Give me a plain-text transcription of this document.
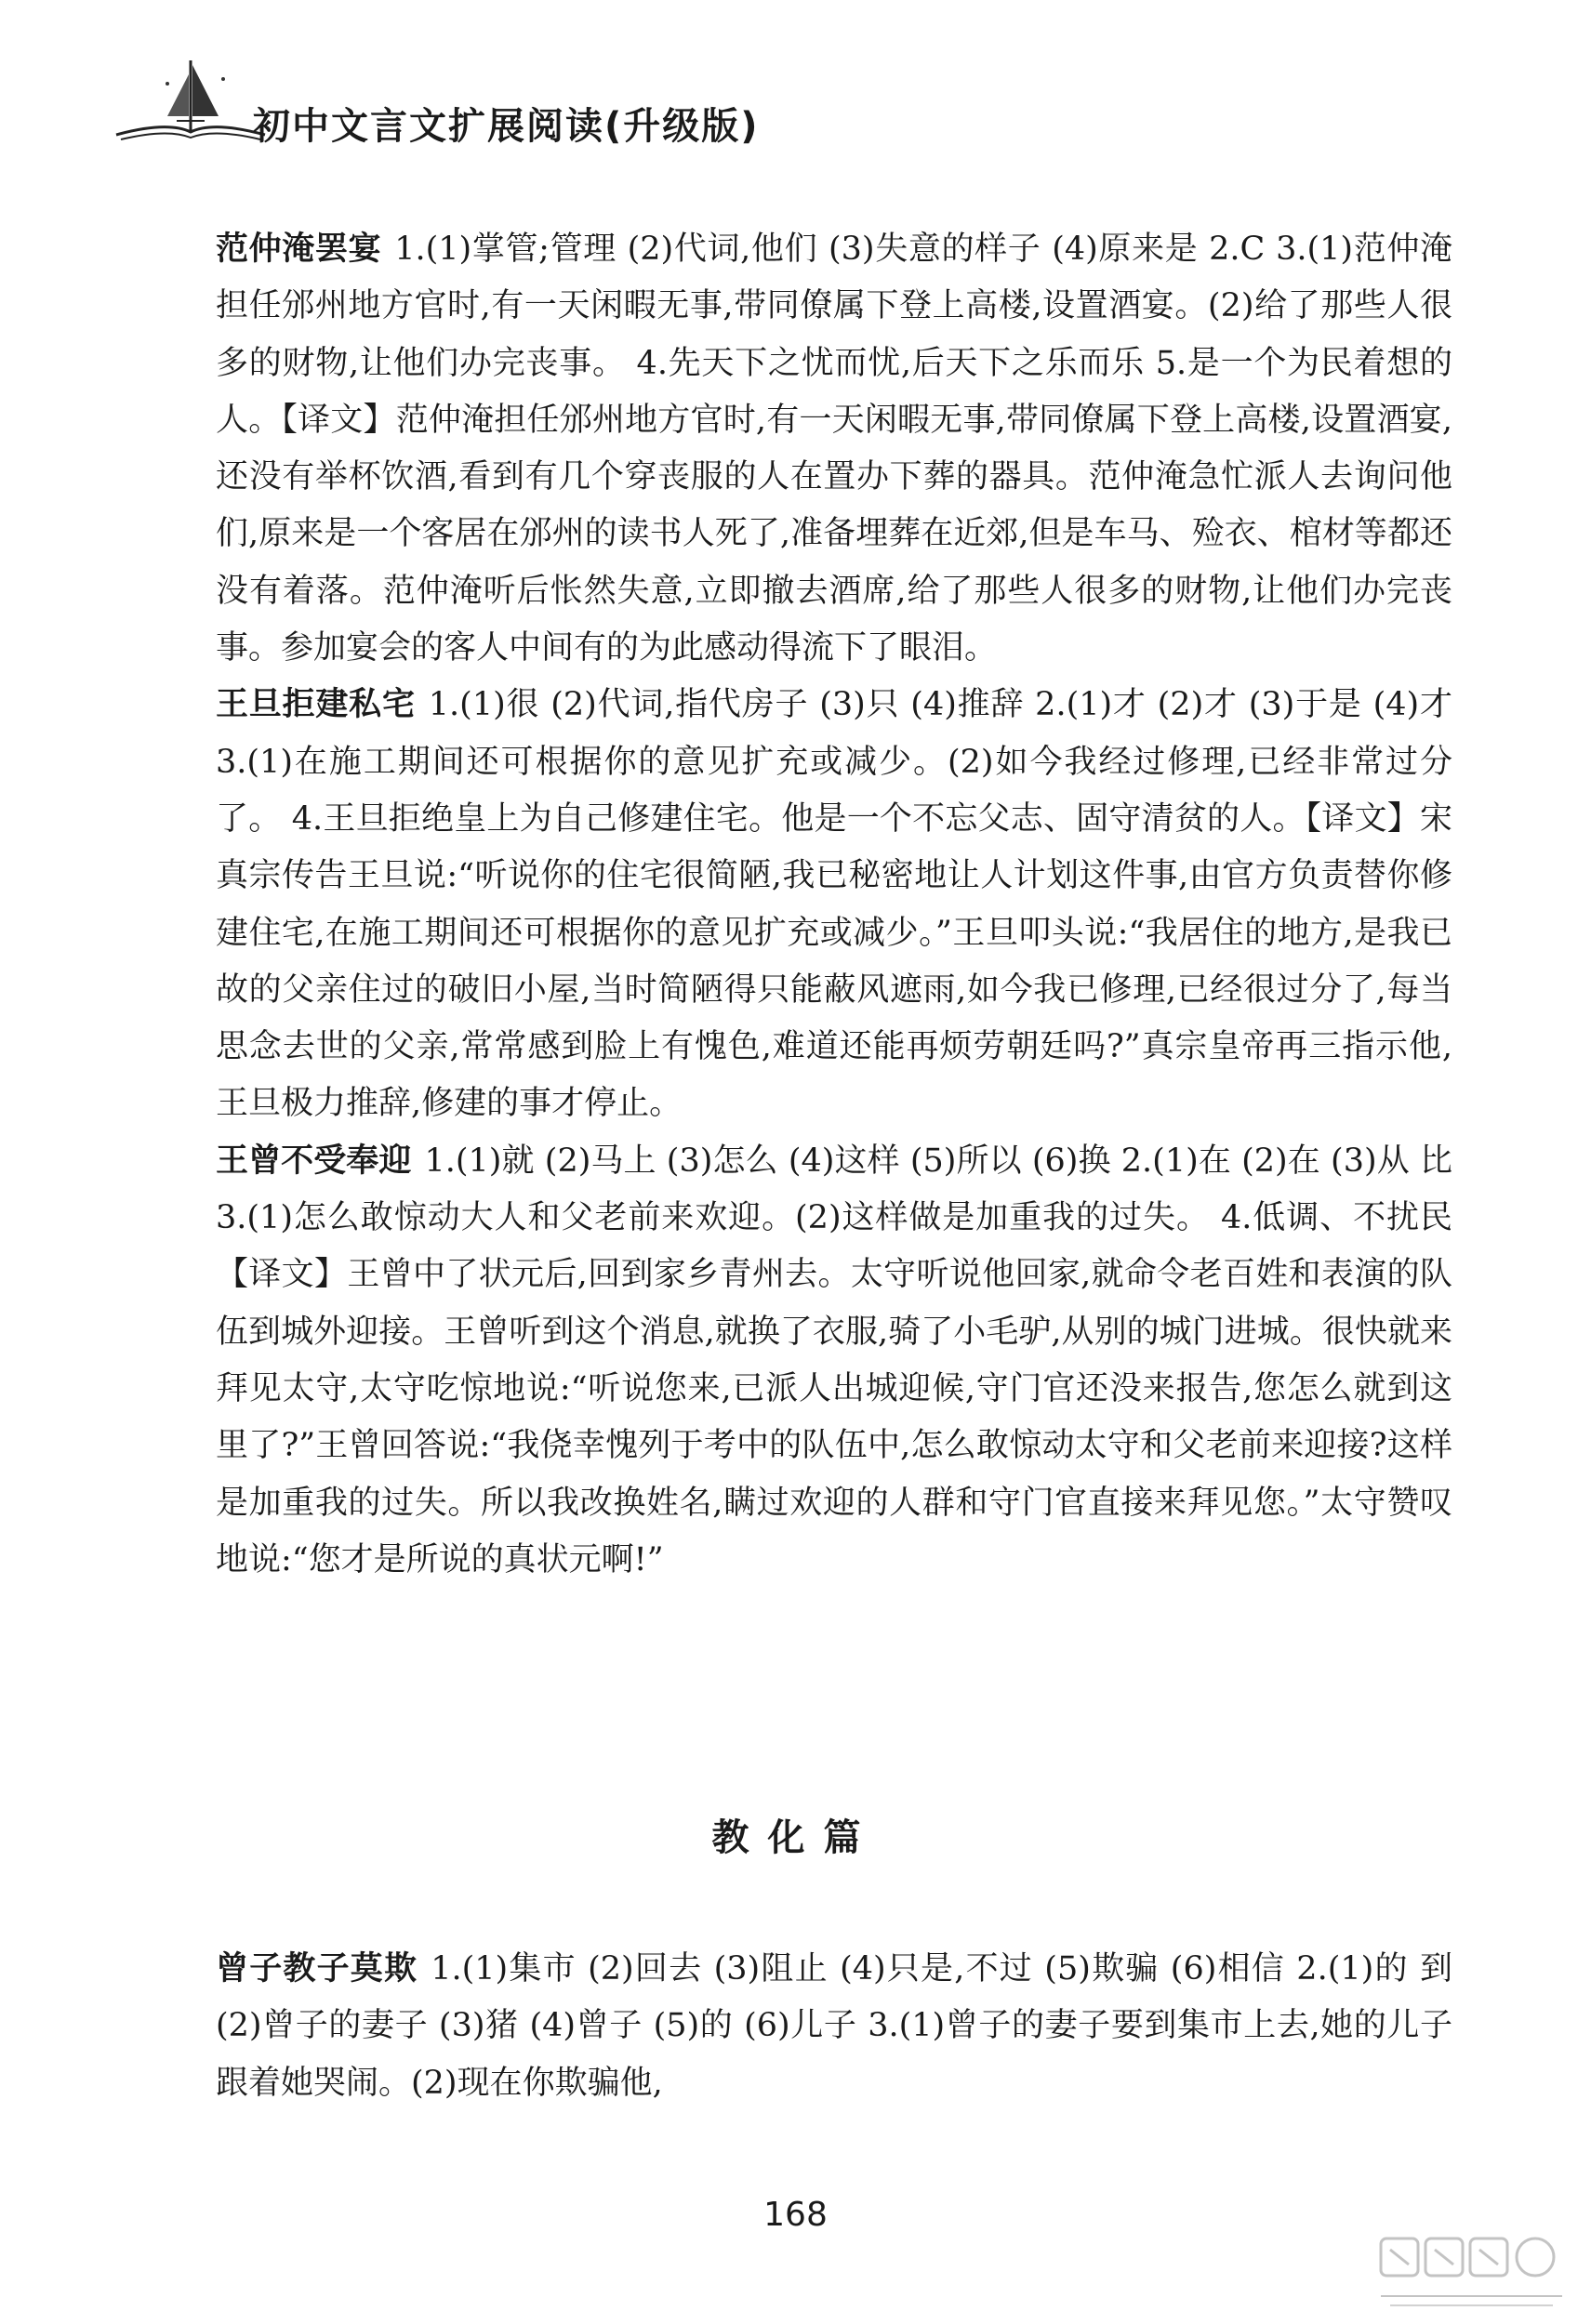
初中文言文扩展阅读(升级版)

范仲淹罢宴 1.(1)掌管;管理 (2)代词,他们 (3)失意的样子 (4)原来是 2.C 3.(1)范仲淹担任邠州地方官时,有一天闲暇无事,带同僚属下登上高楼,设置酒宴。(2)给了那些人很多的财物,让他们办完丧事。 4.先天下之忧而忧,后天下之乐而乐 5.是一个为民着想的人。【译文】范仲淹担任邠州地方官时,有一天闲暇无事,带同僚属下登上高楼,设置酒宴,还没有举杯饮酒,看到有几个穿丧服的人在置办下葬的器具。范仲淹急忙派人去询问他们,原来是一个客居在邠州的读书人死了,准备埋葬在近郊,但是车马、殓衣、棺材等都还没有着落。范仲淹听后怅然失意,立即撤去酒席,给了那些人很多的财物,让他们办完丧事。参加宴会的客人中间有的为此感动得流下了眼泪。

王旦拒建私宅 1.(1)很 (2)代词,指代房子 (3)只 (4)推辞 2.(1)才 (2)才 (3)于是 (4)才 3.(1)在施工期间还可根据你的意见扩充或减少。(2)如今我经过修理,已经非常过分了。 4.王旦拒绝皇上为自己修建住宅。他是一个不忘父志、固守清贫的人。【译文】宋真宗传告王旦说:“听说你的住宅很简陋,我已秘密地让人计划这件事,由官方负责替你修建住宅,在施工期间还可根据你的意见扩充或减少。”王旦叩头说:“我居住的地方,是我已故的父亲住过的破旧小屋,当时简陋得只能蔽风遮雨,如今我已修理,已经很过分了,每当思念去世的父亲,常常感到脸上有愧色,难道还能再烦劳朝廷吗?”真宗皇帝再三指示他,王旦极力推辞,修建的事才停止。

王曾不受奉迎 1.(1)就 (2)马上 (3)怎么 (4)这样 (5)所以 (6)换 2.(1)在 (2)在 (3)从 比 3.(1)怎么敢惊动大人和父老前来欢迎。(2)这样做是加重我的过失。 4.低调、不扰民【译文】王曾中了状元后,回到家乡青州去。太守听说他回家,就命令老百姓和表演的队伍到城外迎接。王曾听到这个消息,就换了衣服,骑了小毛驴,从别的城门进城。很快就来拜见太守,太守吃惊地说:“听说您来,已派人出城迎候,守门官还没来报告,您怎么就到这里了?”王曾回答说:“我侥幸愧列于考中的队伍中,怎么敢惊动太守和父老前来迎接?这样是加重我的过失。所以我改换姓名,瞒过欢迎的人群和守门官直接来拜见您。”太守赞叹地说:“您才是所说的真状元啊!”

教化篇

曾子教子莫欺 1.(1)集市 (2)回去 (3)阻止 (4)只是,不过 (5)欺骗 (6)相信 2.(1)的 到 (2)曾子的妻子 (3)猪 (4)曾子 (5)的 (6)儿子 3.(1)曾子的妻子要到集市上去,她的儿子跟着她哭闹。(2)现在你欺骗他,

168
